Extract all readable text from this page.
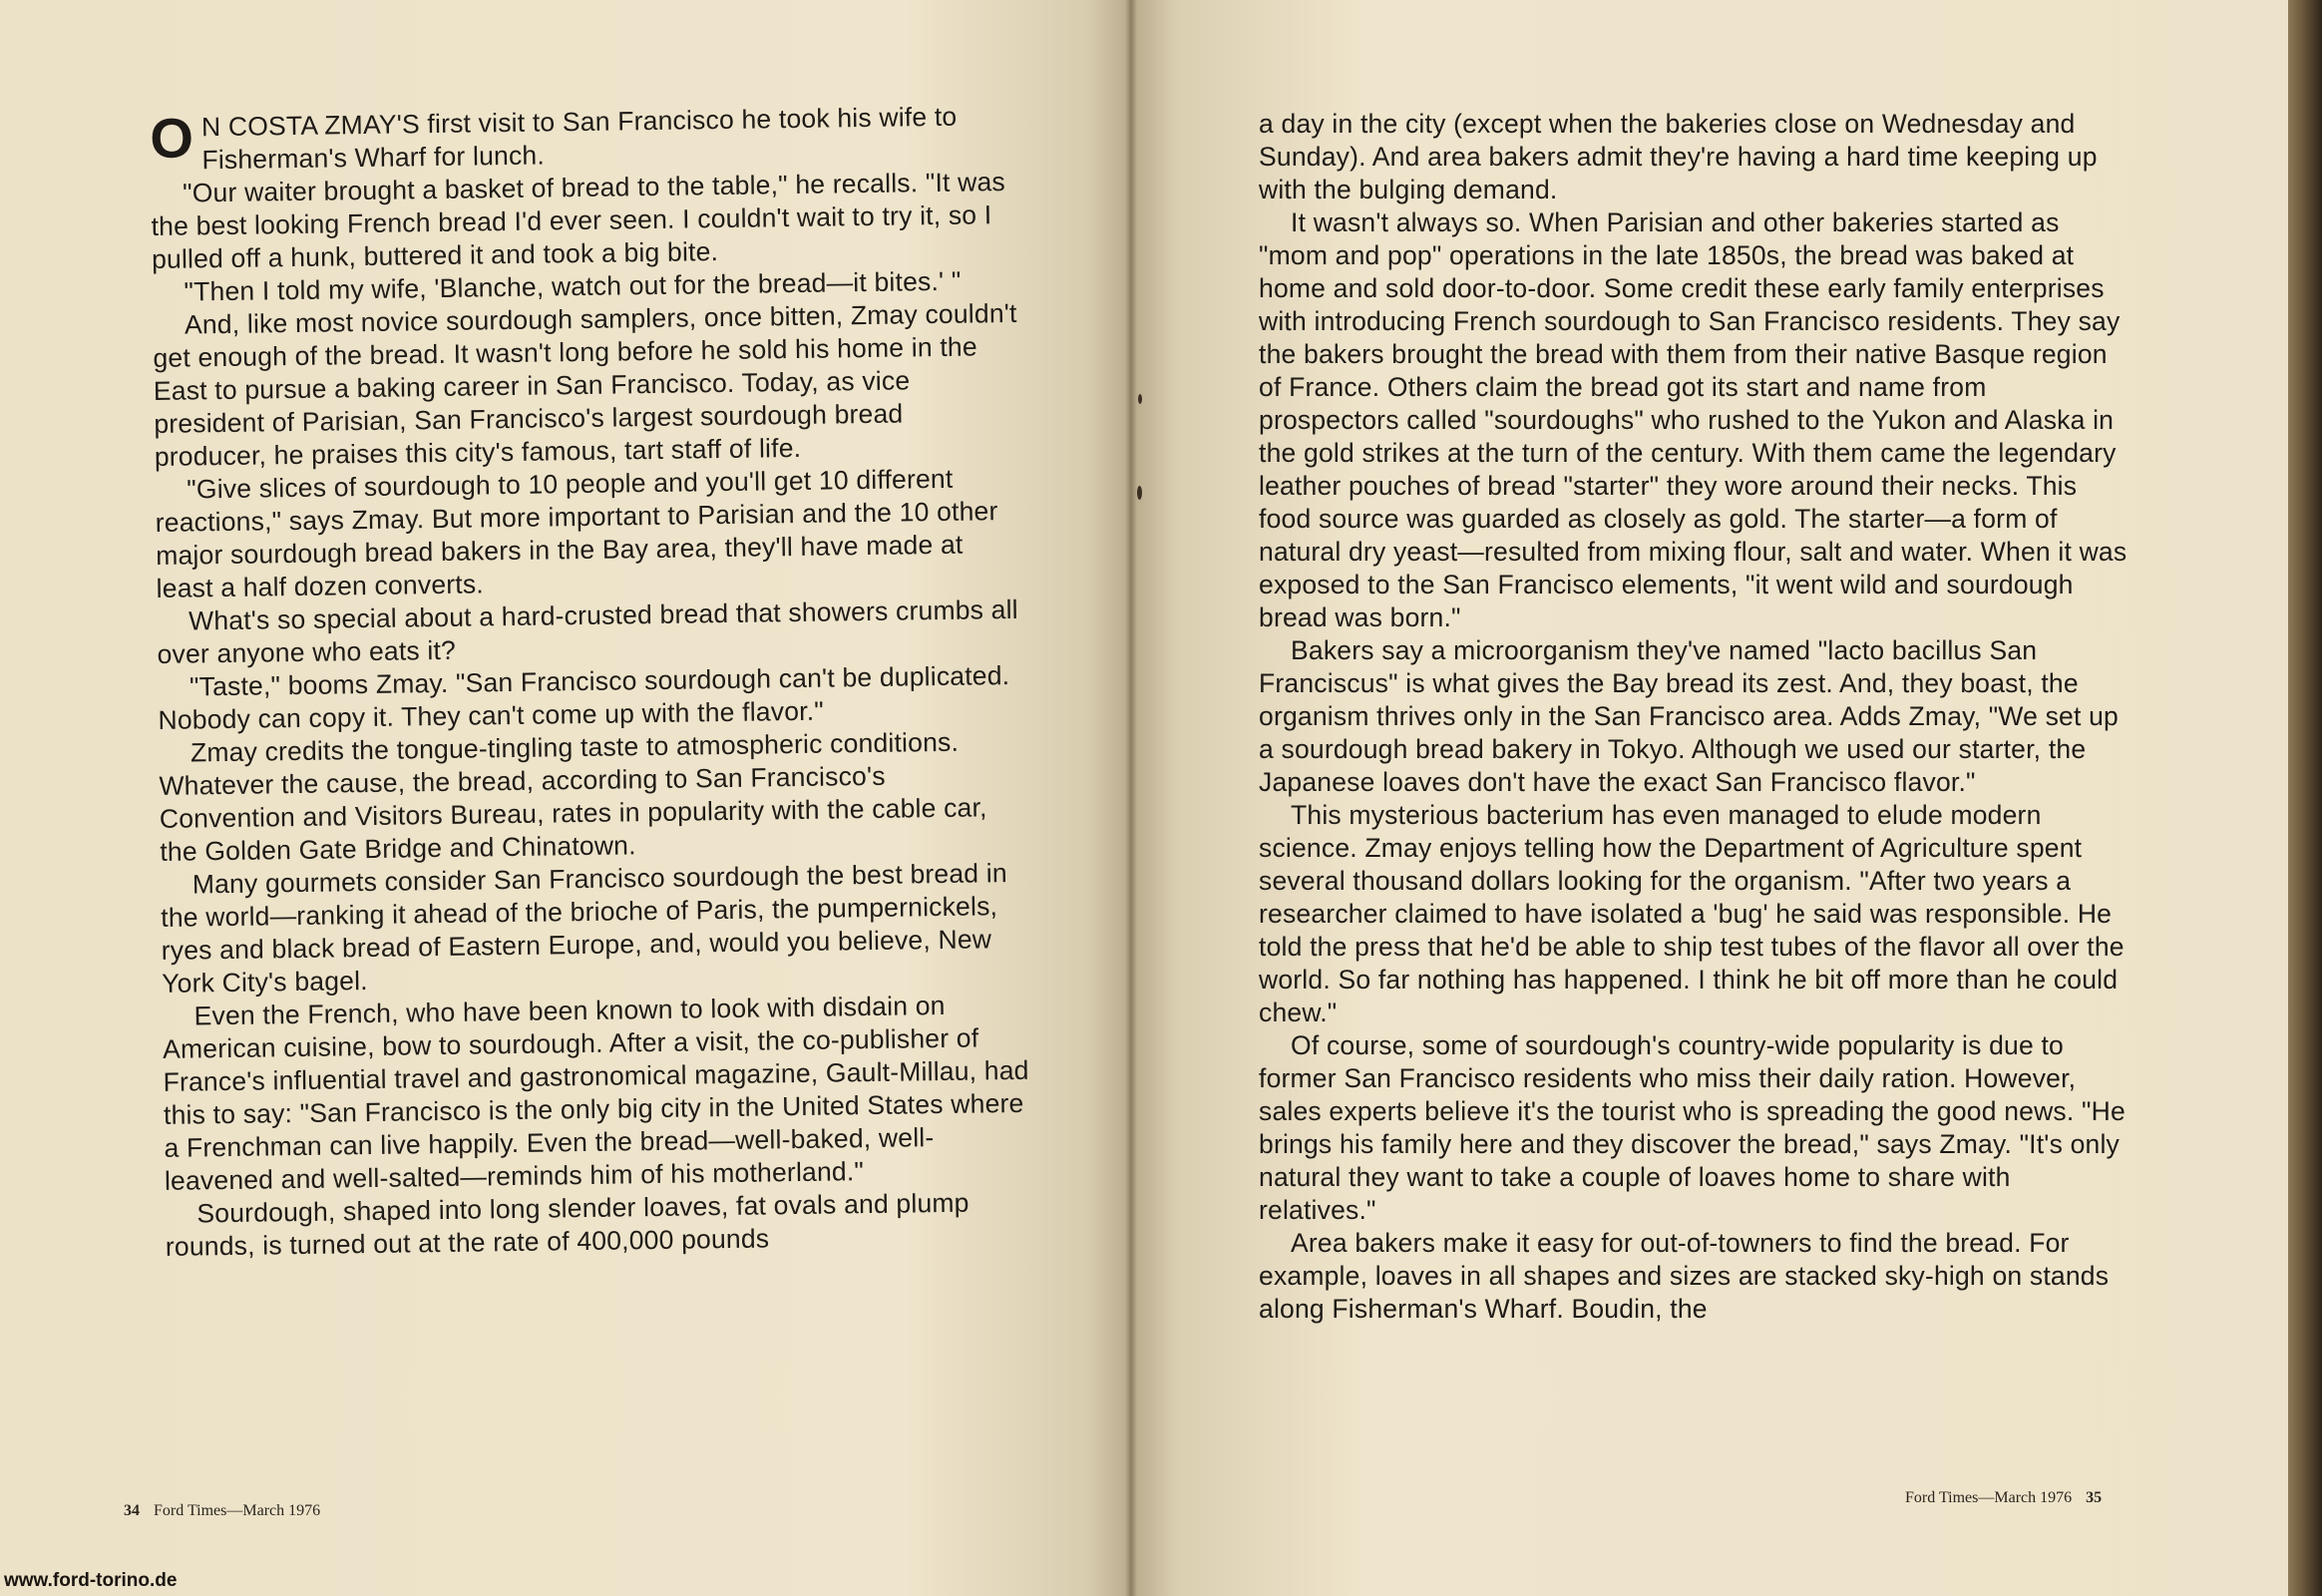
O N COSTA ZMAY'S first visit to San Francisco he took his wife to Fisherman's Wharf for lunch.

"Our waiter brought a basket of bread to the table," he recalls. "It was the best looking French bread I'd ever seen. I couldn't wait to try it, so I pulled off a hunk, buttered it and took a big bite.

"Then I told my wife, 'Blanche, watch out for the bread—it bites.' "

And, like most novice sourdough samplers, once bitten, Zmay couldn't get enough of the bread. It wasn't long before he sold his home in the East to pursue a baking career in San Francisco. Today, as vice president of Parisian, San Francisco's largest sourdough bread producer, he praises this city's famous, tart staff of life.

"Give slices of sourdough to 10 people and you'll get 10 different reactions," says Zmay. But more important to Parisian and the 10 other major sourdough bread bakers in the Bay area, they'll have made at least a half dozen converts.

What's so special about a hard-crusted bread that showers crumbs all over anyone who eats it?

"Taste," booms Zmay. "San Francisco sourdough can't be duplicated. Nobody can copy it. They can't come up with the flavor."

Zmay credits the tongue-tingling taste to atmospheric conditions. Whatever the cause, the bread, according to San Francisco's Convention and Visitors Bureau, rates in popularity with the cable car, the Golden Gate Bridge and Chinatown.

Many gourmets consider San Francisco sourdough the best bread in the world—ranking it ahead of the brioche of Paris, the pumpernickels, ryes and black bread of Eastern Europe, and, would you believe, New York City's bagel.

Even the French, who have been known to look with disdain on American cuisine, bow to sourdough. After a visit, the co-publisher of France's influential travel and gastronomical magazine, Gault-Millau, had this to say: "San Francisco is the only big city in the United States where a Frenchman can live happily. Even the bread—well-baked, well-leavened and well-salted—reminds him of his motherland."

Sourdough, shaped into long slender loaves, fat ovals and plump rounds, is turned out at the rate of 400,000 pounds

34 Ford Times—March 1976

a day in the city (except when the bakeries close on Wednesday and Sunday). And area bakers admit they're having a hard time keeping up with the bulging demand.

It wasn't always so. When Parisian and other bakeries started as "mom and pop" operations in the late 1850s, the bread was baked at home and sold door-to-door. Some credit these early family enterprises with introducing French sourdough to San Francisco residents. They say the bakers brought the bread with them from their native Basque region of France. Others claim the bread got its start and name from prospectors called "sourdoughs" who rushed to the Yukon and Alaska in the gold strikes at the turn of the century. With them came the legendary leather pouches of bread "starter" they wore around their necks. This food source was guarded as closely as gold. The starter—a form of natural dry yeast—resulted from mixing flour, salt and water. When it was exposed to the San Francisco elements, "it went wild and sourdough bread was born."

Bakers say a microorganism they've named "lacto bacillus San Franciscus" is what gives the Bay bread its zest. And, they boast, the organism thrives only in the San Francisco area. Adds Zmay, "We set up a sourdough bread bakery in Tokyo. Although we used our starter, the Japanese loaves don't have the exact San Francisco flavor."

This mysterious bacterium has even managed to elude modern science. Zmay enjoys telling how the Department of Agriculture spent several thousand dollars looking for the organism. "After two years a researcher claimed to have isolated a 'bug' he said was responsible. He told the press that he'd be able to ship test tubes of the flavor all over the world. So far nothing has happened. I think he bit off more than he could chew."

Of course, some of sourdough's country-wide popularity is due to former San Francisco residents who miss their daily ration. However, sales experts believe it's the tourist who is spreading the good news. "He brings his family here and they discover the bread," says Zmay. "It's only natural they want to take a couple of loaves home to share with relatives."

Area bakers make it easy for out-of-towners to find the bread. For example, loaves in all shapes and sizes are stacked sky-high on stands along Fisherman's Wharf. Boudin, the

Ford Times—March 1976 35
www.ford-torino.de
